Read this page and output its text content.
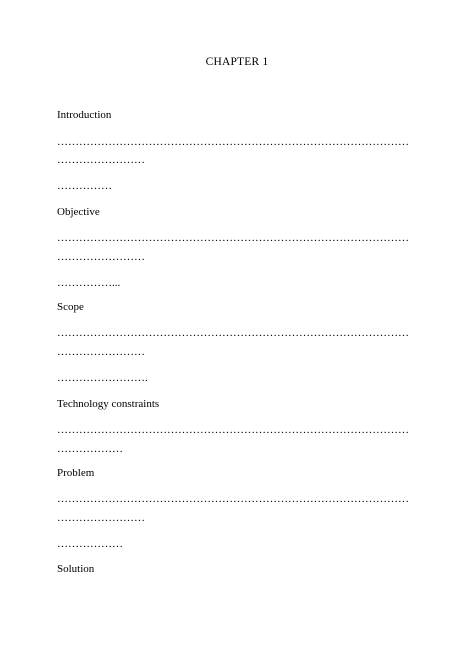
CHAPTER 1
Introduction
……………………………………………………………………………………
……………………
……………
Objective
……………………………………………………………………………………
……………………
……………...
Scope
……………………………………………………………………………………
……………………
…………………….
Technology constraints
……………………………………………………………………………………
………………
Problem
……………………………………………………………………………………
……………………
………………
Solution
